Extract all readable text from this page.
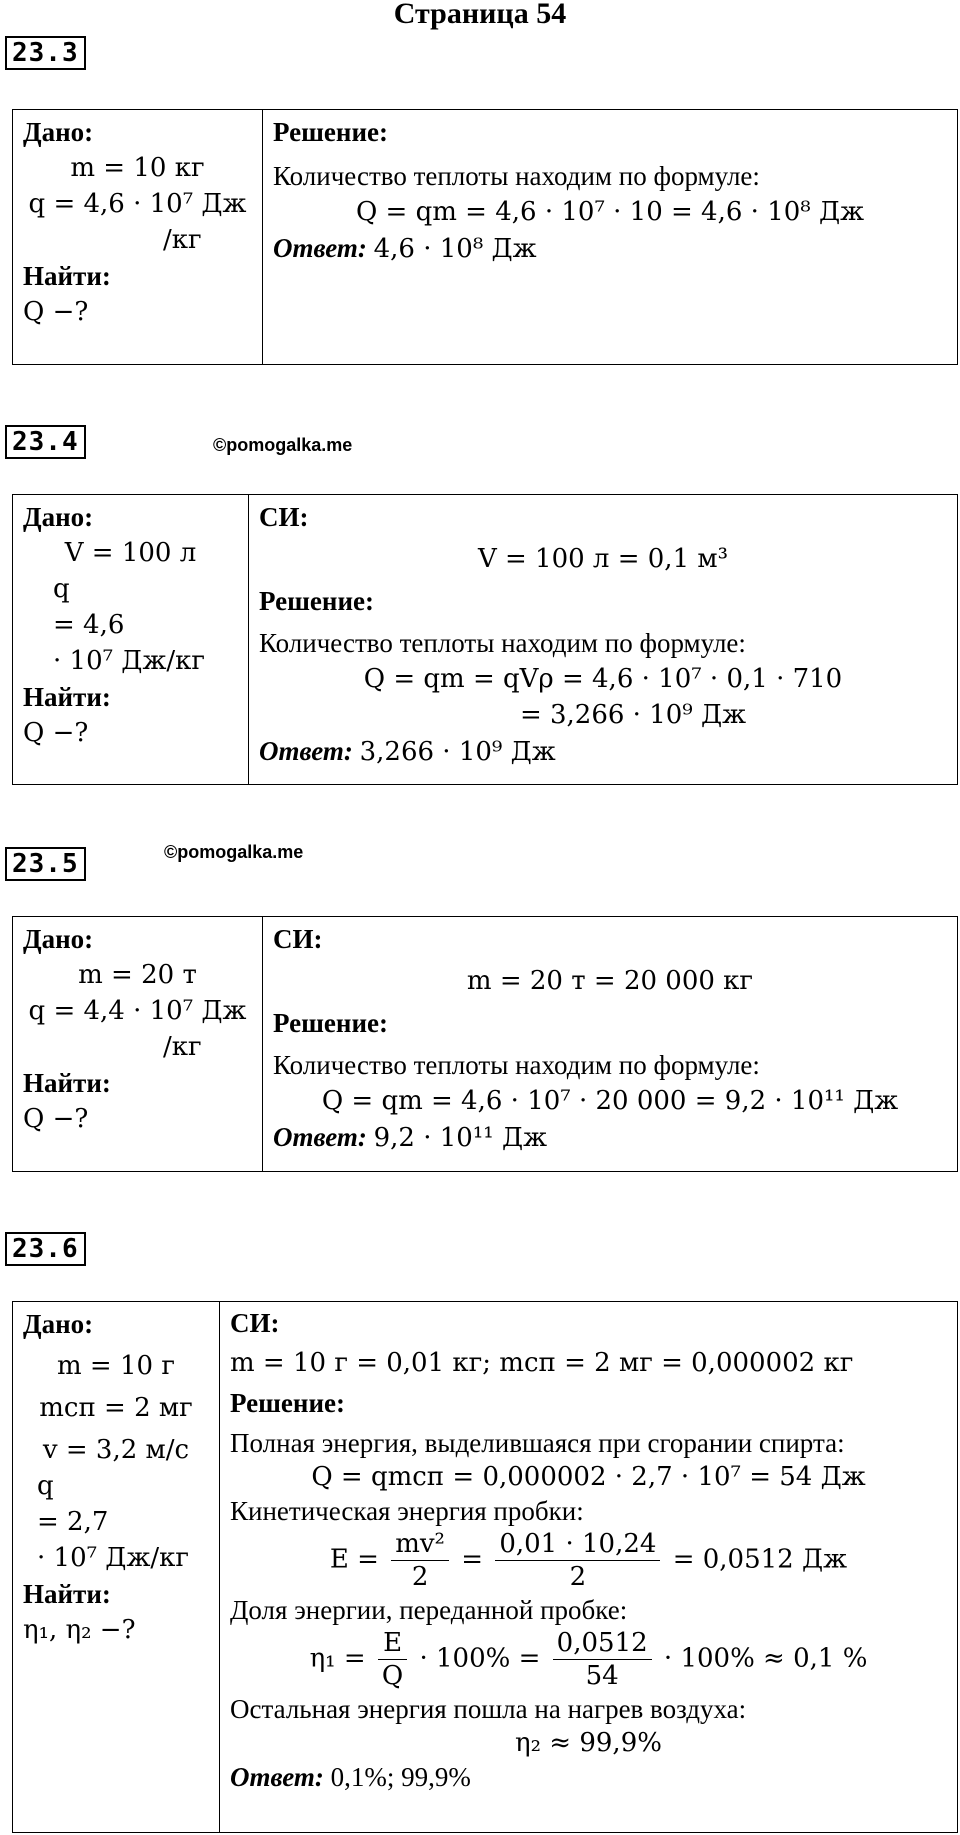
Страница 54
23.3
Дано:
m = 10 кг
q = 4,6 · 10⁷ Дж
/кг
Найти:
Q −?
Решение:
Количество теплоты находим по формуле:
Q = qm = 4,6 · 10⁷ · 10 = 4,6 · 10⁸ Дж
Ответ: 4,6 · 10⁸ Дж
23.4	©pomogalka.me
Дано:
V = 100 л
q
= 4,6
· 10⁷ Дж/кг
Найти:
Q −?
СИ:
V = 100 л = 0,1 м³
Решение:
Количество теплоты находим по формуле:
Q = qm = qVρ = 4,6 · 10⁷ · 0,1 · 710
= 3,266 · 10⁹ Дж
Ответ: 3,266 · 10⁹ Дж
23.5	©pomogalka.me
Дано:
m = 20 т
q = 4,4 · 10⁷ Дж
/кг
Найти:
Q −?
СИ:
m = 20 т = 20 000 кг
Решение:
Количество теплоты находим по формуле:
Q = qm = 4,6 · 10⁷ · 20 000 = 9,2 · 10¹¹ Дж
Ответ: 9,2 · 10¹¹ Дж
23.6
Дано:
m = 10 г
mсп = 2 мг
v = 3,2 м/с
q
= 2,7
· 10⁷ Дж/кг
Найти:
η₁, η₂ −?
СИ:
m = 10 г = 0,01 кг; mсп = 2 мг = 0,000002 кг
Решение:
Полная энергия, выделившаяся при сгорании спирта:
Q = qmсп = 0,000002 · 2,7 · 10⁷ = 54 Дж
Кинетическая энергия пробки:
$E = \frac{\text{mv²}}{2} = \frac{0,01 \cdot 10,24}{2} = 0,0512$ Дж
Доля энергии, переданной пробке:
$\eta_1 = \frac{E}{Q} \cdot 100\% = \frac{0,0512}{54} \cdot 100\% \approx 0,1$ %
Остальная энергия пошла на нагрев воздуха:
η₂ ≈ 99,9%
Ответ: 0,1%; 99,9%
